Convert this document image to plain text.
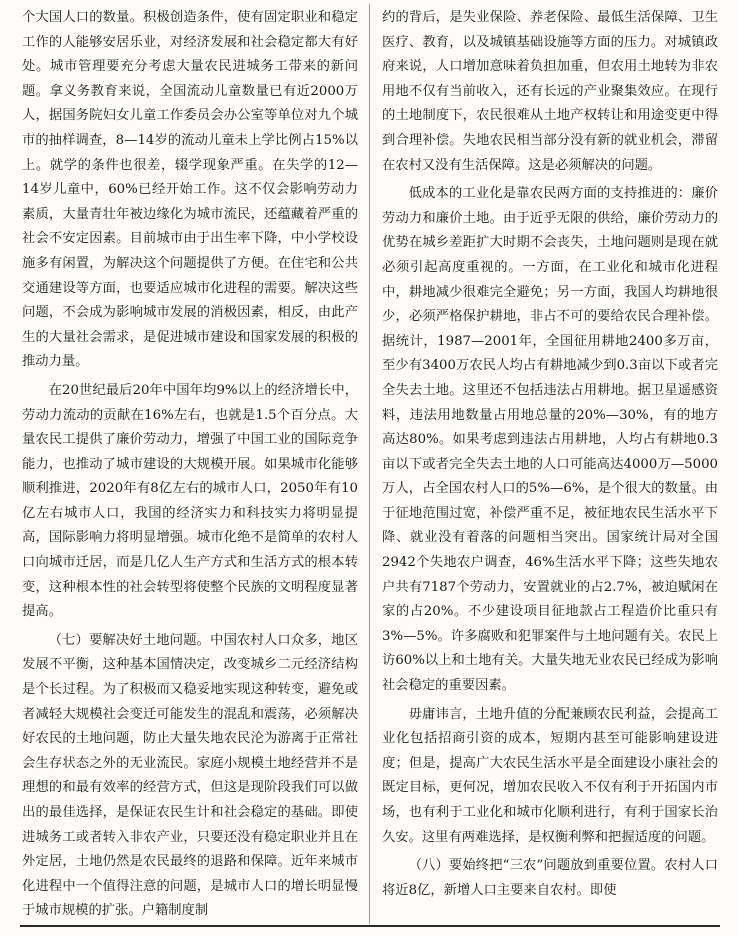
个大国人口的数量。积极创造条件，使有固定职业和稳定工作的人能够安居乐业，对经济发展和社会稳定都大有好处。城市管理要充分考虑大量农民进城务工带来的新问题。拿义务教育来说，全国流动儿童数量已有近2000万人，据国务院妇女儿童工作委员会办公室等单位对九个城市的抽样调查，8—14岁的流动儿童未上学比例占15%以上。就学的条件也很差，辍学现象严重。在失学的12—14岁儿童中，60%已经开始工作。这不仅会影响劳动力素质，大量青壮年被边缘化为城市流民，还蕴藏着严重的社会不安定因素。目前城市由于出生率下降，中小学校设施多有闲置，为解决这个问题提供了方便。在住宅和公共交通建设等方面，也要适应城市化进程的需要。解决这些问题，不会成为影响城市发展的消极因素，相反，由此产生的大量社会需求，是促进城市建设和国家发展的积极的推动力量。

在20世纪最后20年中国年均9%以上的经济增长中，劳动力流动的贡献在16%左右，也就是1.5个百分点。大量农民工提供了廉价劳动力，增强了中国工业的国际竞争能力，也推动了城市建设的大规模开展。如果城市化能够顺利推进，2020年有8亿左右的城市人口，2050年有10亿左右城市人口，我国的经济实力和科技实力将明显提高，国际影响力将明显增强。城市化绝不是简单的农村人口向城市迁居，而是几亿人生产方式和生活方式的根本转变，这种根本性的社会转型将使整个民族的文明程度显著提高。

（七）要解决好土地问题。中国农村人口众多，地区发展不平衡，这种基本国情决定，改变城乡二元经济结构是个长过程。为了积极而又稳妥地实现这种转变，避免或者减轻大规模社会变迁可能发生的混乱和震荡，必须解决好农民的土地问题，防止大量失地农民沦为游离于正常社会生存状态之外的无业流民。家庭小规模土地经营并不是理想的和最有效率的经营方式，但这是现阶段我们可以做出的最佳选择，是保证农民生计和社会稳定的基础。即使进城务工或者转入非农产业，只要还没有稳定职业并且在外定居，土地仍然是农民最终的退路和保障。近年来城市化进程中一个值得注意的问题，是城市人口的增长明显慢于城市规模的扩张。户籍制度制

约的背后，是失业保险、养老保险、最低生活保障、卫生医疗、教育，以及城镇基础设施等方面的压力。对城镇政府来说，人口增加意味着负担加重，但农用土地转为非农用地不仅有当前收入，还有长远的产业聚集效应。在现行的土地制度下，农民很难从土地产权转让和用途变更中得到合理补偿。失地农民相当部分没有新的就业机会，滞留在农村又没有生活保障。这是必须解决的问题。

低成本的工业化是靠农民两方面的支持推进的：廉价劳动力和廉价土地。由于近乎无限的供给，廉价劳动力的优势在城乡差距扩大时期不会丧失，土地问题则是现在就必须引起高度重视的。一方面，在工业化和城市化进程中，耕地减少很难完全避免；另一方面，我国人均耕地很少，必须严格保护耕地，非占不可的要给农民合理补偿。据统计，1987—2001年，全国征用耕地2400多万亩，至少有3400万农民人均占有耕地减少到0.3亩以下或者完全失去土地。这里还不包括违法占用耕地。据卫星遥感资料，违法用地数量占用地总量的20%—30%，有的地方高达80%。如果考虑到违法占用耕地，人均占有耕地0.3亩以下或者完全失去土地的人口可能高达4000万—5000万人，占全国农村人口的5%—6%，是个很大的数量。由于征地范围过宽，补偿严重不足，被征地农民生活水平下降、就业没有着落的问题相当突出。国家统计局对全国2942个失地农户调查，46%生活水平下降；这些失地农户共有7187个劳动力，安置就业的占2.7%，被迫赋闲在家的占20%。不少建设项目征地款占工程造价比重只有3%—5%。许多腐败和犯罪案件与土地问题有关。农民上访60%以上和土地有关。大量失地无业农民已经成为影响社会稳定的重要因素。

毋庸讳言，土地升值的分配兼顾农民利益，会提高工业化包括招商引资的成本，短期内甚至可能影响建设进度；但是，提高广大农民生活水平是全面建设小康社会的既定目标，更何况，增加农民收入不仅有利于开拓国内市场，也有利于工业化和城市化顺利进行，有利于国家长治久安。这里有两难选择，是权衡利弊和把握适度的问题。

（八）要始终把“三农”问题放到重要位置。农村人口将近8亿，新增人口主要来自农村。即使
